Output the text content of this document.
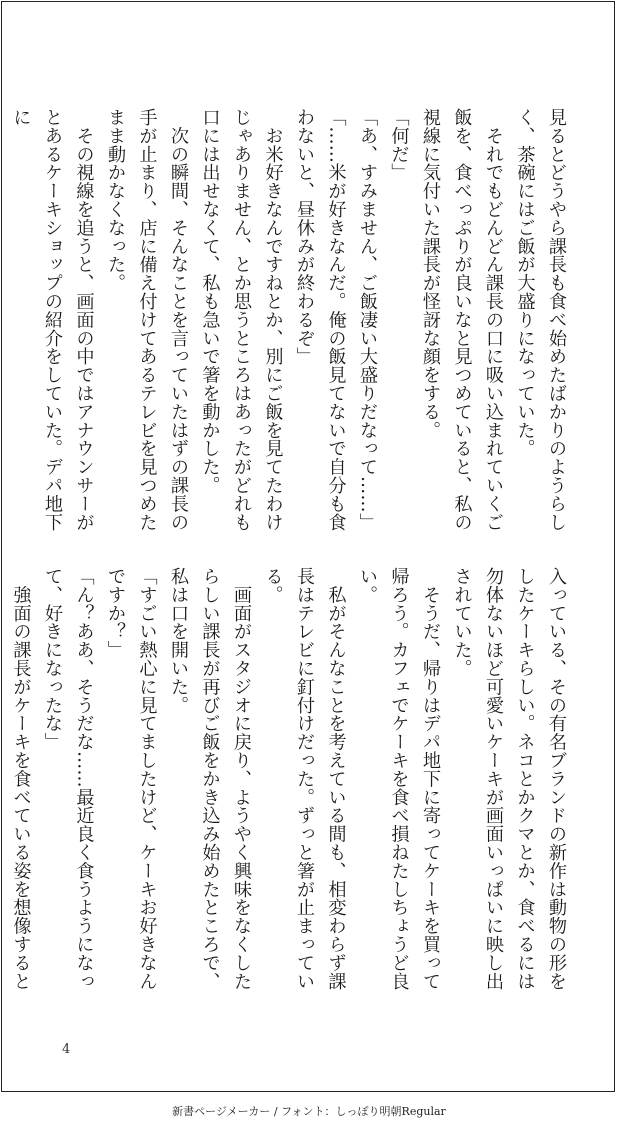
見るとどうやら課長も食べ始めたばかりのようらしく、茶碗にはご飯が大盛りになっていた。
　それでもどんどん課長の口に吸い込まれていくご飯を、食べっぷりが良いなと見つめていると、私の視線に気付いた課長が怪訝な顔をする。
「何だ」
「あ、すみません、ご飯凄い大盛りだなって……」
「……米が好きなんだ。俺の飯見てないで自分も食わないと、昼休みが終わるぞ」
　お米好きなんですねとか、別にご飯を見てたわけじゃありません、とか思うところはあったがどれも口には出せなくて、私も急いで箸を動かした。
　次の瞬間、そんなことを言っていたはずの課長の手が止まり、店に備え付けてあるテレビを見つめたまま動かなくなった。
　その視線を追うと、画面の中ではアナウンサーがとあるケーキショップの紹介をしていた。デパ地下に
入っている、その有名ブランドの新作は動物の形をしたケーキらしい。ネコとかクマとか、食べるには勿体ないほど可愛いケーキが画面いっぱいに映し出されていた。
　そうだ、帰りはデパ地下に寄ってケーキを買って帰ろう。カフェでケーキを食べ損ねたしちょうど良い。
　私がそんなことを考えている間も、相変わらず課長はテレビに釘付けだった。ずっと箸が止まっている。
　画面がスタジオに戻り、ようやく興味をなくしたらしい課長が再びご飯をかき込み始めたところで、私は口を開いた。
「すごい熱心に見てましたけど、ケーキお好きなんですか？」
「ん？ああ、そうだな……最近良く食うようになって、好きになったな」
　強面の課長がケーキを食べている姿を想像すると
4
新書ページメーカー / フォント：しっぽり明朝Regular
